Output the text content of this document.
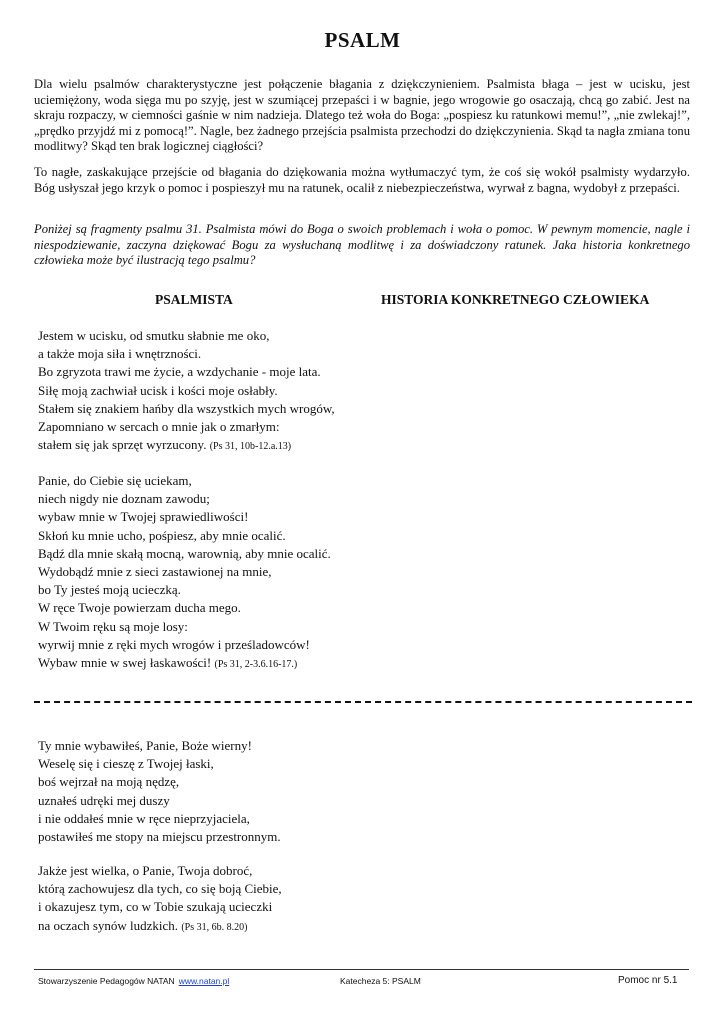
PSALM

Dla wielu psalmów charakterystyczne jest połączenie błagania z dziękczynieniem. Psalmista błaga – jest w ucisku, jest uciemiężony, woda sięga mu po szyję, jest w szumiącej przepaści i w bagnie, jego wrogowie go osaczają, chcą go zabić. Jest na skraju rozpaczy, w ciemności gaśnie w nim nadzieja. Dlatego też woła do Boga: „pospiesz ku ratunkowi memu!”, „nie zwlekaj!”, „prędko przyjdź mi z pomocą!”. Nagle, bez żadnego przejścia psalmista przechodzi do dziękczynienia. Skąd ta nagła zmiana tonu modlitwy? Skąd ten brak logicznej ciągłości?

To nagłe, zaskakujące przejście od błagania do dziękowania można wytłumaczyć tym, że coś się wokół psalmisty wydarzyło. Bóg usłyszał jego krzyk o pomoc i pospieszył mu na ratunek, ocalił z niebezpieczeństwa, wyrwał z bagna, wydobył z przepaści.

Poniżej są fragmenty psalmu 31. Psalmista mówi do Boga o swoich problemach i woła o pomoc. W pewnym momencie, nagle i niespodziewanie, zaczyna dziękować Bogu za wysłuchaną modlitwę i za doświadczony ratunek. Jaka historia konkretnego człowieka może być ilustracją tego psalmu?

PSALMISTA	HISTORIA KONKRETNEGO CZŁOWIEKA
Jestem w ucisku, od smutku słabnie me oko,
a także moja siła i wnętrzności.
Bo zgryzota trawi me życie, a wzdychanie - moje lata.
Siłę moją zachwiał ucisk i kości moje osłabły.
Stałem się znakiem hańby dla wszystkich mych wrogów,
Zapomniano w sercach o mnie jak o zmarłym:
stałem się jak sprzęt wyrzucony. (Ps 31, 10b-12.a.13)
Panie, do Ciebie się uciekam,
niech nigdy nie doznam zawodu;
wybaw mnie w Twojej sprawiedliwości!
Skłoń ku mnie ucho, pośpiesz, aby mnie ocalić.
Bądź dla mnie skałą mocną, warownią, aby mnie ocalić.
Wydobądź mnie z sieci zastawionej na mnie,
bo Ty jesteś moją ucieczką.
W ręce Twoje powierzam ducha mego.
W Twoim ręku są moje losy:
wyrwij mnie z ręki mych wrogów i prześladowców!
Wybaw mnie w swej łaskawości! (Ps 31, 2-3.6.16-17.)
Ty mnie wybawiłeś, Panie, Boże wierny!
Weselę się i cieszę z Twojej łaski,
boś wejrzał na moją nędzę,
uznałeś udręki mej duszy
i nie oddałeś mnie w ręce nieprzyjaciela,
postawiłeś me stopy na miejscu przestronnym.
Jakże jest wielka, o Panie, Twoja dobroć,
którą zachowujesz dla tych, co się boją Ciebie,
i okazujesz tym, co w Tobie szukają ucieczki
na oczach synów ludzkich. (Ps 31, 6b. 8.20)
Stowarzyszenie Pedagogów NATAN www.natan.pl	Katecheza 5: PSALM	Pomoc nr 5.1
